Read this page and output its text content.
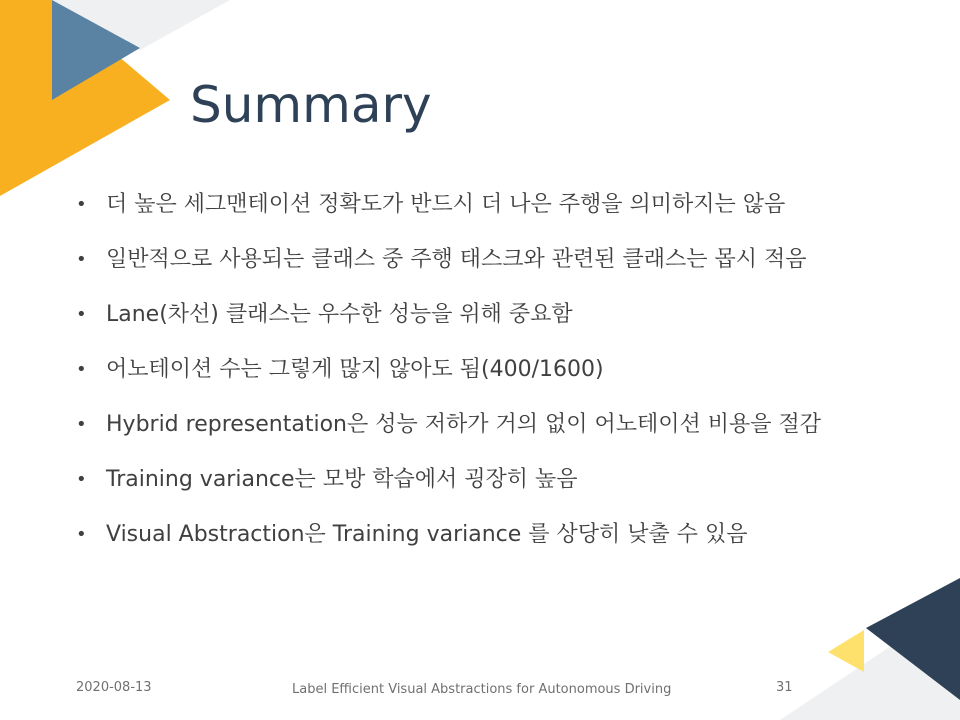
Summary
• 더 높은 세그맨테이션 정확도가 반드시 더 나은 주행을 의미하지는 않음
• 일반적으로 사용되는 클래스 중 주행 태스크와 관련된 클래스는 몹시 적음
• Lane(차선) 클래스는 우수한 성능을 위해 중요함
• 어노테이션 수는 그렇게 많지 않아도 됨(400/1600)
• Hybrid representation은 성능 저하가 거의 없이 어노테이션 비용을 절감
• Training variance는 모방 학습에서 굉장히 높음
• Visual Abstraction은 Training variance 를 상당히 낮출 수 있음
2020-08-13	Label Efficient Visual Abstractions for Autonomous Driving	31
